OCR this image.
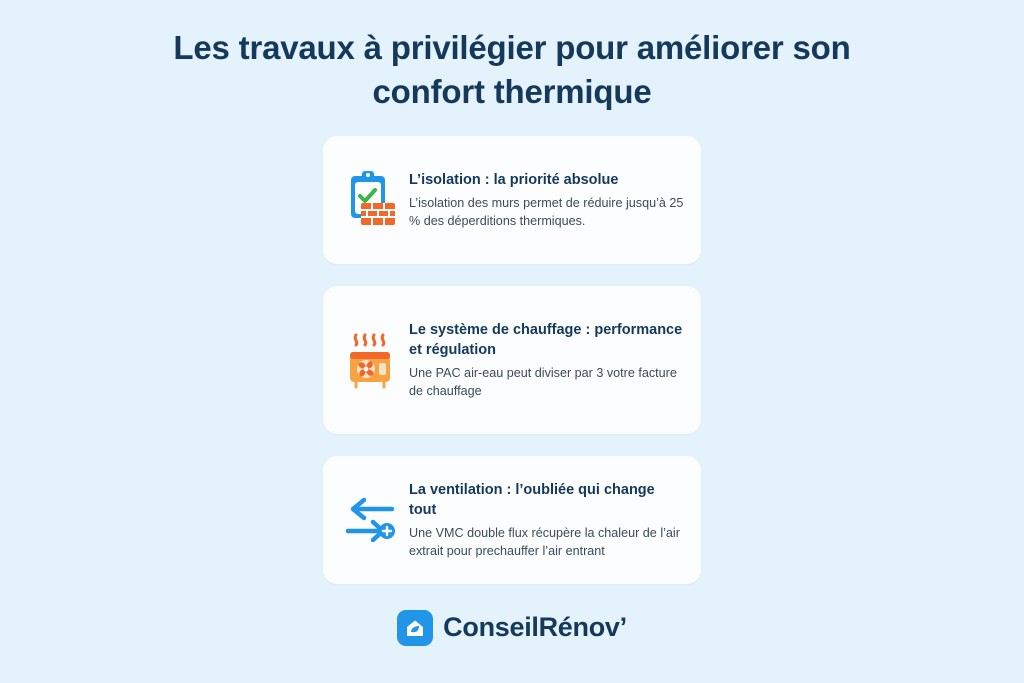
Les travaux à privilégier pour améliorer son confort thermique

L’isolation : la priorité absolue

L’isolation des murs permet de réduire jusqu’à 25 % des déperditions thermiques.

Le système de chauffage : performance et régulation

Une PAC air-eau peut diviser par 3 votre facture de chauffage

La ventilation : l’oubliée qui change tout

Une VMC double flux récupère la chaleur de l’air extrait pour prechauffer l’air entrant

ConseilRénov’
